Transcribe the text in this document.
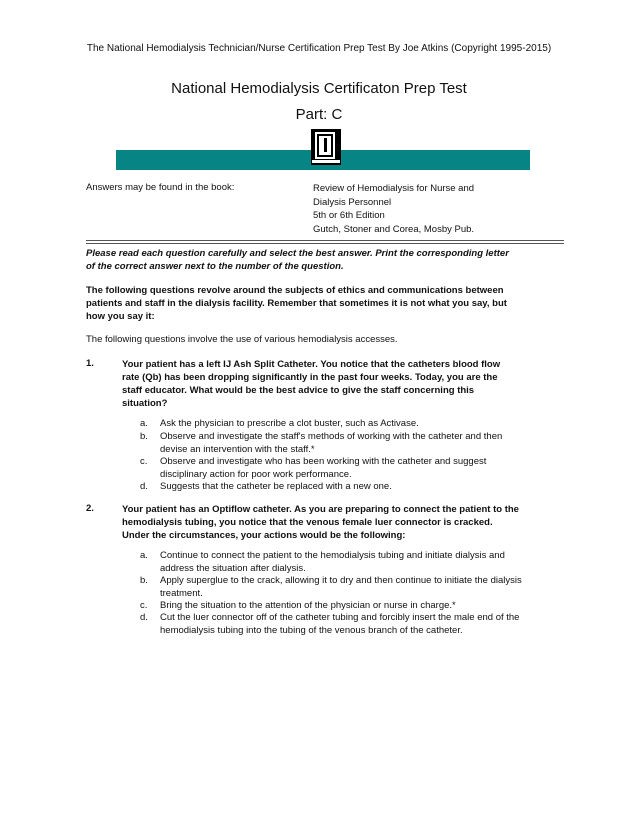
The National Hemodialysis Technician/Nurse Certification Prep Test By Joe Atkins (Copyright 1995-2015)
National Hemodialysis Certificaton Prep Test
Part: C
Answers may be found in the book:	Review of Hemodialysis for Nurse and
Dialysis Personnel
5th or 6th Edition
Gutch, Stoner and Corea, Mosby Pub.
Please read each question carefully and select the best answer. Print the corresponding letter
of the correct answer next to the number of the question.
The following questions revolve around the subjects of ethics and communications between
patients and staff in the dialysis facility. Remember that sometimes it is not what you say, but
how you say it:
The following questions involve the use of various hemodialysis accesses.
1.	Your patient has a left IJ Ash Split Catheter. You notice that the catheters blood flow
rate (Qb) has been dropping significantly in the past four weeks. Today, you are the
staff educator. What would be the best advice to give the staff concerning this
situation?
a. Ask the physician to prescribe a clot buster, such as Activase.
b. Observe and investigate the staff's methods of working with the catheter and then
devise an intervention with the staff.*
c. Observe and investigate who has been working with the catheter and suggest
disciplinary action for poor work performance.
d. Suggests that the catheter be replaced with a new one.
2.	Your patient has an Optiflow catheter. As you are preparing to connect the patient to the
hemodialysis tubing, you notice that the venous female luer connector is cracked.
Under the circumstances, your actions would be the following:
a. Continue to connect the patient to the hemodialysis tubing and initiate dialysis and
address the situation after dialysis.
b. Apply superglue to the crack, allowing it to dry and then continue to initiate the dialysis
treatment.
c. Bring the situation to the attention of the physician or nurse in charge.*
d. Cut the luer connector off of the catheter tubing and forcibly insert the male end of the
hemodialysis tubing into the tubing of the venous branch of the catheter.
